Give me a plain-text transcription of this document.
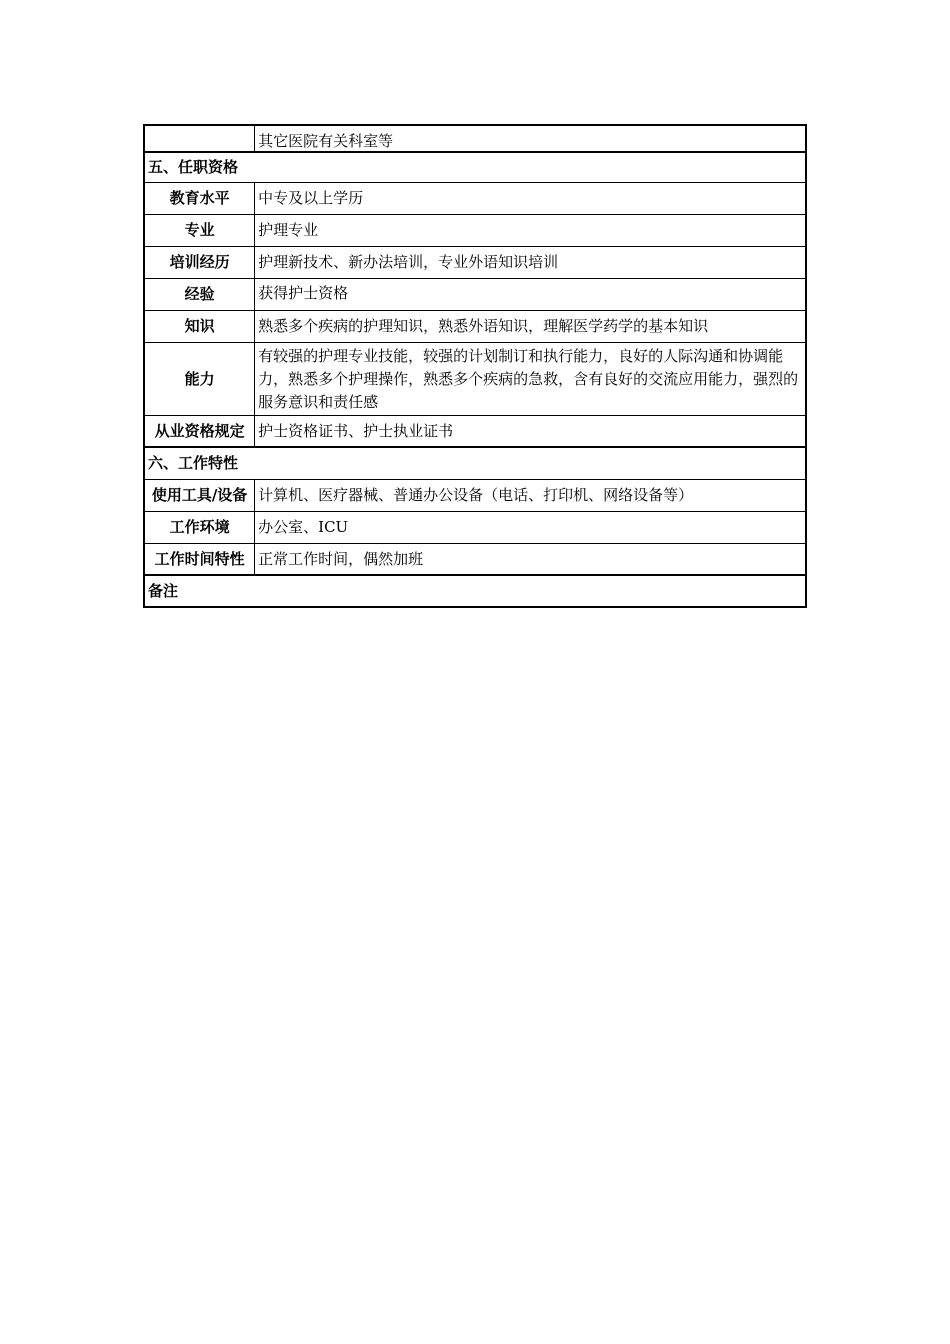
	其它医院有关科室等
五、任职资格	
教育水平	中专及以上学历
专业	护理专业
培训经历	护理新技术、新办法培训，专业外语知识培训
经验	获得护士资格
知识	熟悉多个疾病的护理知识，熟悉外语知识，理解医学药学的基本知识
能力	有较强的护理专业技能，较强的计划制订和执行能力，良好的人际沟通和协调能力，熟悉多个护理操作，熟悉多个疾病的急救，含有良好的交流应用能力，强烈的服务意识和责任感
从业资格规定	护士资格证书、护士执业证书
六、工作特性	
使用工具/设备	计算机、医疗器械、普通办公设备（电话、打印机、网络设备等）
工作环境	办公室、ICU
工作时间特性	正常工作时间，偶然加班
备注	
